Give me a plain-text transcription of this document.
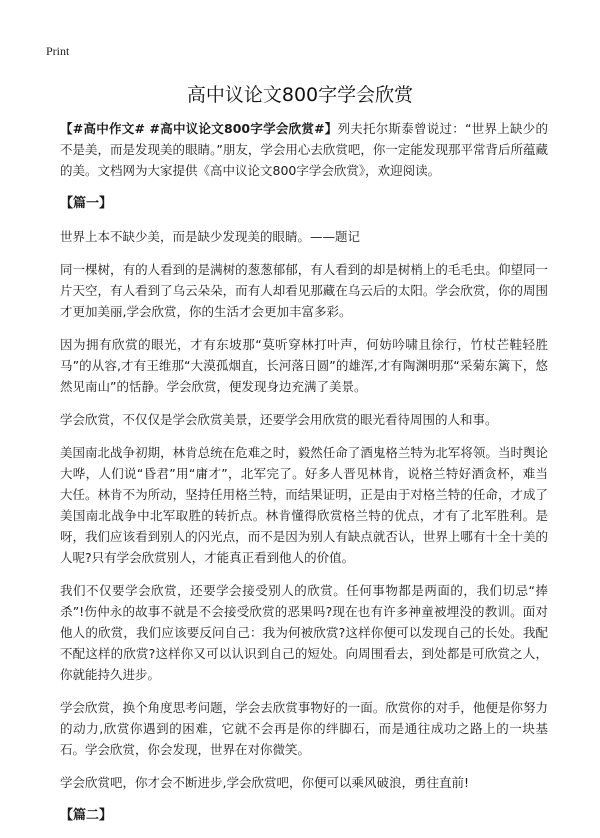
Print
高中议论文800字学会欣赏

【#高中作文# #高中议论文800字学会欣赏#】列夫托尔斯泰曾说过：“世界上缺少的不是美，而是发现美的眼睛。”朋友，学会用心去欣赏吧，你一定能发现那平常背后所蕴藏的美。文档网为大家提供《高中议论文800字学会欣赏》，欢迎阅读。

【篇一】

世界上本不缺少美，而是缺少发现美的眼睛。——题记

同一棵树，有的人看到的是满树的葱葱郁郁，有人看到的却是树梢上的毛毛虫。仰望同一片天空，有人看到了乌云朵朵，而有人却看见那藏在乌云后的太阳。学会欣赏，你的周围才更加美丽,学会欣赏，你的生活才会更加丰富多彩。

因为拥有欣赏的眼光，才有东坡那“莫听穿林打叶声，何妨吟啸且徐行，竹杖芒鞋轻胜马”的从容,才有王维那“大漠孤烟直，长河落日圆”的雄浑,才有陶渊明那“采菊东篱下，悠然见南山”的恬静。学会欣赏，便发现身边充满了美景。

学会欣赏，不仅仅是学会欣赏美景，还要学会用欣赏的眼光看待周围的人和事。

美国南北战争初期，林肯总统在危难之时，毅然任命了酒鬼格兰特为北军将领。当时舆论大哗，人们说“昏君”用“庸才”，北军完了。好多人晋见林肯，说格兰特好酒贪杯，难当大任。林肯不为所动，坚持任用格兰特，而结果证明，正是由于对格兰特的任命，才成了美国南北战争中北军取胜的转折点。林肯懂得欣赏格兰特的优点，才有了北军胜利。是呀，我们应该看到别人的闪光点，而不是因为别人有缺点就否认，世界上哪有十全十美的人呢?只有学会欣赏别人，才能真正看到他人的价值。

我们不仅要学会欣赏，还要学会接受别人的欣赏。任何事物都是两面的，我们切忌“捧杀”!伤仲永的故事不就是不会接受欣赏的恶果吗?现在也有许多神童被埋没的教训。面对他人的欣赏，我们应该要反问自己：我为何被欣赏?这样你便可以发现自己的长处。我配不配这样的欣赏?这样你又可以认识到自己的短处。向周围看去，到处都是可欣赏之人，你就能持久进步。

学会欣赏，换个角度思考问题，学会去欣赏事物好的一面。欣赏你的对手，他便是你努力的动力,欣赏你遇到的困难，它就不会再是你的绊脚石，而是通往成功之路上的一块基石。学会欣赏，你会发现，世界在对你微笑。

学会欣赏吧，你才会不断进步,学会欣赏吧，你便可以乘风破浪，勇往直前!

【篇二】
